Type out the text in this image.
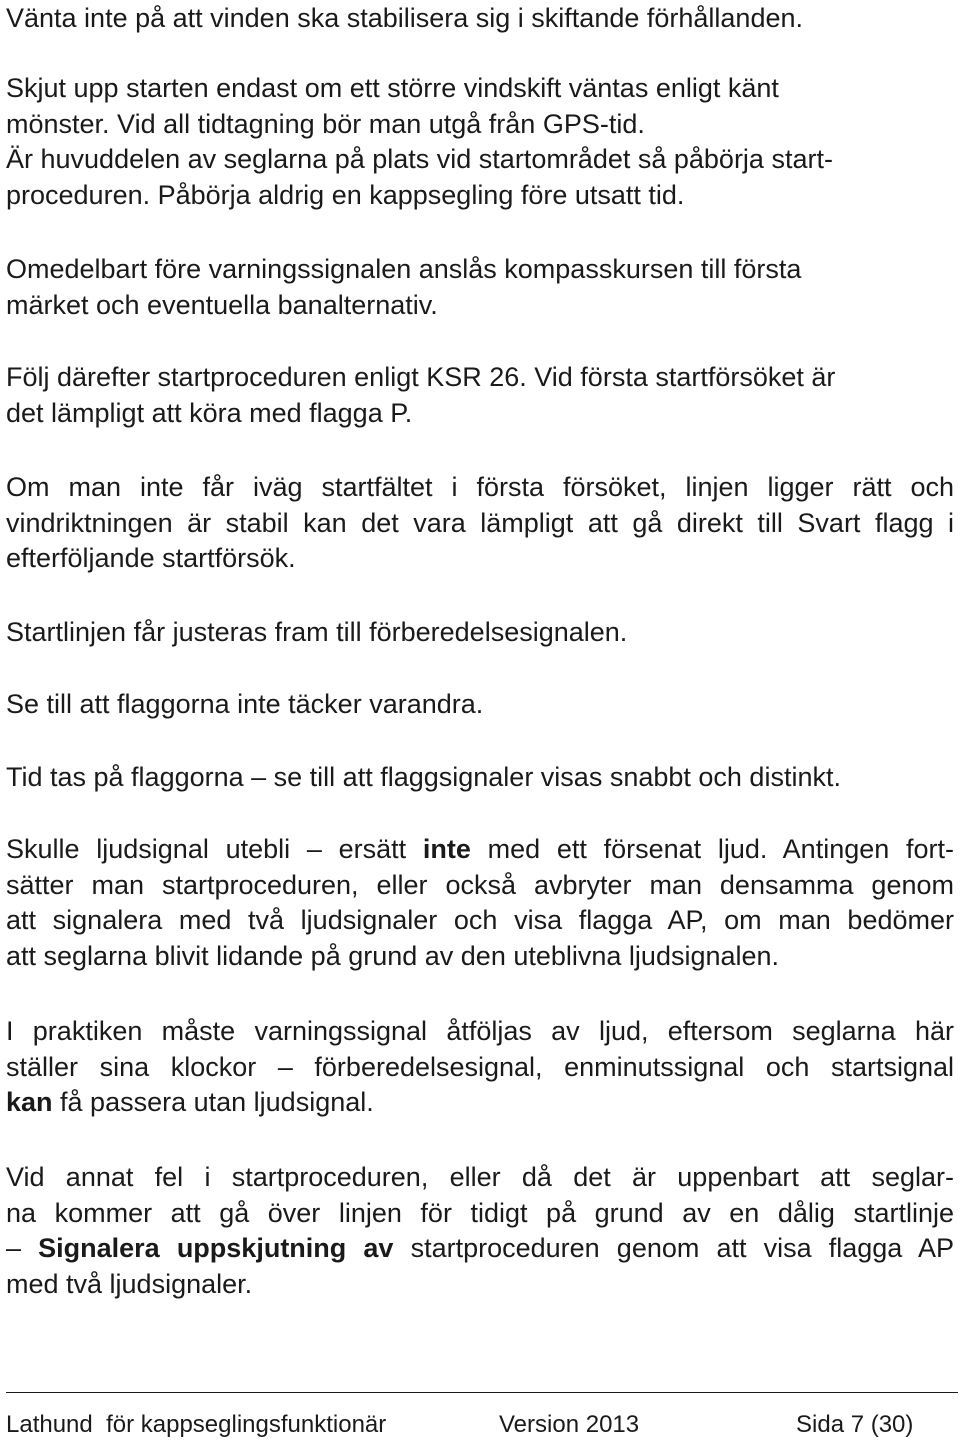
Vänta inte på att vinden ska stabilisera sig i skiftande förhållanden.
Skjut upp starten endast om ett större vindskift väntas enligt känt
mönster. Vid all tidtagning bör man utgå från GPS-tid.
Är huvuddelen av seglarna på plats vid startområdet så påbörja start-
proceduren. Påbörja aldrig en kappsegling före utsatt tid.
Omedelbart före varningssignalen anslås kompasskursen till första
märket och eventuella banalternativ.
Följ därefter startproceduren enligt KSR 26. Vid första startförsöket är
det lämpligt att köra med flagga P.
Om man inte får iväg startfältet i första försöket, linjen ligger rätt och
vindriktningen är stabil kan det vara lämpligt att gå direkt till Svart flagg i
efterföljande startförsök.
Startlinjen får justeras fram till förberedelsesignalen.
Se till att flaggorna inte täcker varandra.
Tid tas på flaggorna – se till att flaggsignaler visas snabbt och distinkt.
Skulle ljudsignal utebli – ersätt inte med ett försenat ljud. Antingen fort-
sätter man startproceduren, eller också avbryter man densamma genom
att signalera med två ljudsignaler och visa flagga AP, om man bedömer
att seglarna blivit lidande på grund av den uteblivna ljudsignalen.
I praktiken måste varningssignal åtföljas av ljud, eftersom seglarna här
ställer sina klockor – förberedelsesignal, enminutssignal och startsignal
kan få passera utan ljudsignal.
Vid annat fel i startproceduren, eller då det är uppenbart att seglar-
na kommer att gå över linjen för tidigt på grund av en dålig startlinje
– Signalera uppskjutning av startproceduren genom att visa flagga AP
med två ljudsignaler.
Lathund  för kappseglingsfunktionär	Version 2013	Sida 7 (30)
